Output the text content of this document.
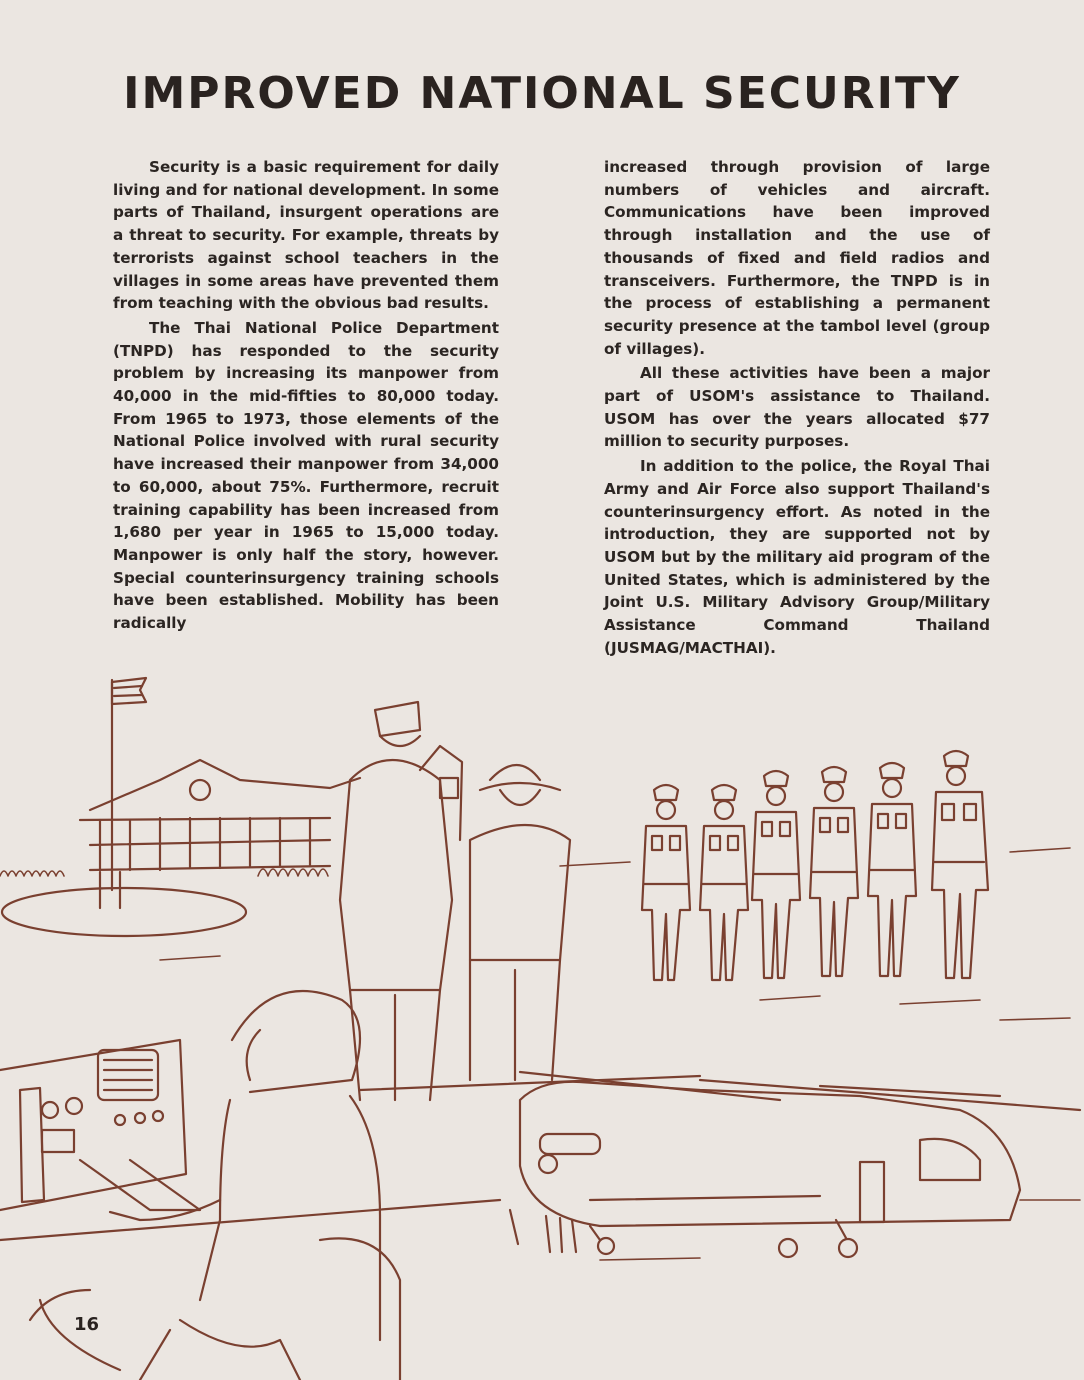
IMPROVED NATIONAL SECURITY

Security is a basic requirement for daily living and for national development. In some parts of Thailand, insurgent operations are a threat to security. For example, threats by terrorists against school teachers in the villages in some areas have prevented them from teaching with the obvious bad results.

The Thai National Police Department (TNPD) has responded to the security problem by increasing its manpower from 40,000 in the mid-fifties to 80,000 today. From 1965 to 1973, those elements of the National Police involved with rural security have increased their manpower from 34,000 to 60,000, about 75%. Furthermore, recruit training capability has been increased from 1,680 per year in 1965 to 15,000 today. Manpower is only half the story, however. Special counterinsurgency training schools have been established. Mobility has been radically

increased through provision of large numbers of vehicles and aircraft. Communications have been improved through installation and the use of thousands of fixed and field radios and transceivers. Furthermore, the TNPD is in the process of establishing a permanent security presence at the tambol level (group of villages).

All these activities have been a major part of USOM's assistance to Thailand. USOM has over the years allocated $77 million to security purposes.

In addition to the police, the Royal Thai Army and Air Force also support Thailand's counterinsurgency effort. As noted in the introduction, they are supported not by USOM but by the military aid program of the United States, which is administered by the Joint U.S. Military Advisory Group/Military Assistance Command Thailand (JUSMAG/MACTHAI).

16
